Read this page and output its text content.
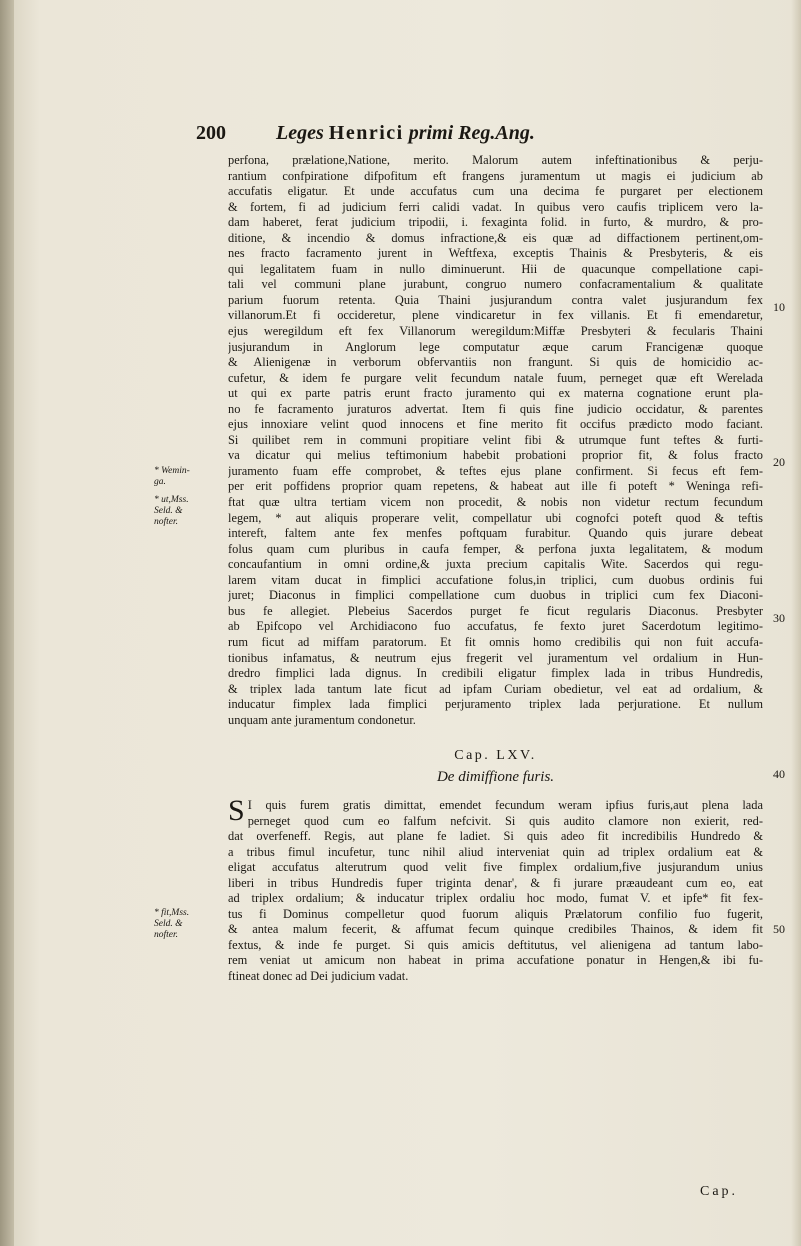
200	Leges Henrici primi Reg.Ang.
perfona, prælatione,Natione, merito. Malorum autem infeftinationibus & perju-
rantium confpiratione difpofitum eft frangens juramentum ut magis ei judicium ab
accufatis eligatur. Et unde accufatus cum una decima fe purgaret per electionem
& fortem, fi ad judicium ferri calidi vadat. In quibus vero caufis triplicem vero la-
dam haberet, ferat judicium tripodii, i. fexaginta folid. in furto, & murdro, & pro-
ditione, & incendio & domus infractione,& eis quæ ad diffactionem pertinent,om-
nes fracto facramento jurent in Weftfexa, exceptis Thainis & Presbyteris, & eis
qui legalitatem fuam in nullo diminuerunt. Hii de quacunque compellatione capi-
tali vel communi plane jurabunt, congruo numero confacramentalium & qualitate
parium fuorum retenta. Quia Thaini jusjurandum contra valet jusjurandum fex
villanorum.Et fi occideretur, plene vindicaretur in fex villanis. Et fi emendaretur,
ejus weregildum eft fex Villanorum weregildum:Miffæ Presbyteri & fecularis Thaini
jusjurandum in Anglorum lege computatur æque carum Francigenæ quoque
& Alienigenæ in verborum obfervantiis non frangunt. Si quis de homicidio ac-
cufetur, & idem fe purgare velit fecundum natale fuum, perneget quæ eft Werelada
ut qui ex parte patris erunt fracto juramento qui ex materna cognatione erunt pla-
no fe facramento juraturos advertat. Item fi quis fine judicio occidatur, & parentes
ejus innoxiare velint quod innocens et fine merito fit occifus prædicto modo faciant.
Si quilibet rem in communi propitiare velint fibi & utrumque funt teftes & furti-
va dicatur qui melius teftimonium habebit probationi proprior fit, & folus fracto
juramento fuam effe comprobet, & teftes ejus plane confirment. Si fecus eft fem-
per erit poffidens proprior quam repetens, & habeat aut ille fi poteft * Weninga refi-
ftat quæ ultra tertiam vicem non procedit, & nobis non videtur rectum fecundum
legem, * aut aliquis properare velit, compellatur ubi cognofci poteft quod & teftis
intereft, faltem ante fex menfes poftquam furabitur. Quando quis jurare debeat
folus quam cum pluribus in caufa femper, & perfona juxta legalitatem, & modum
concaufantium in omni ordine,& juxta precium capitalis Wite. Sacerdos qui regu-
larem vitam ducat in fimplici accufatione folus,in triplici, cum duobus ordinis fui
juret; Diaconus in fimplici compellatione cum duobus in triplici cum fex Diaconi-
bus fe allegiet. Plebeius Sacerdos purget fe ficut regularis Diaconus. Presbyter
ab Epifcopo vel Archidiacono fuo accufatus, fe fexto juret Sacerdotum legitimo-
rum ficut ad miffam paratorum. Et fit omnis homo credibilis qui non fuit accufa-
tionibus infamatus, & neutrum ejus fregerit vel juramentum vel ordalium in Hun-
dredro fimplici lada dignus. In credibili eligatur fimplex lada in tribus Hundredis,
& triplex lada tantum late ficut ad ipfam Curiam obedietur, vel eat ad ordalium, &
inducatur fimplex lada fimplici perjuramento triplex lada perjuratione. Et nullum
unquam ante juramentum condonetur.
Cap. LXV.
De dimiffione furis.
S I quis furem gratis dimittat, emendet fecundum weram ipfius furis,aut plena lada
perneget quod cum eo falfum nefcivit. Si quis audito clamore non exierit, red-
dat overfeneff. Regis, aut plane fe ladiet. Si quis adeo fit incredibilis Hundredo &
a tribus fimul incufetur, tunc nihil aliud interveniat quin ad triplex ordalium eat &
eligat accufatus alterutrum quod velit five fimplex ordalium,five jusjurandum unius
liberi in tribus Hundredis fuper triginta denar', & fi jurare præaudeant cum eo, eat
ad triplex ordalium; & inducatur triplex ordaliu hoc modo, fumat V. et ipfe* fit fex-
tus fi Dominus compelletur quod fuorum aliquis Prælatorum confilio fuo fugerit,
& antea malum fecerit, & affumat fecum quinque credibiles Thainos, & idem fit
fextus, & inde fe purget. Si quis amicis deftitutus, vel alienigena ad tantum labo-
rem veniat ut amicum non habeat in prima accufatione ponatur in Hengen,& ibi fu-
ftineat donec ad Dei judicium vadat.
10
20
30
40
50
* Wemin-
ga.
* ut,Mss.
Seld. &
nofter.
* fit,Mss.
Seld. &
nofter.
Cap.
